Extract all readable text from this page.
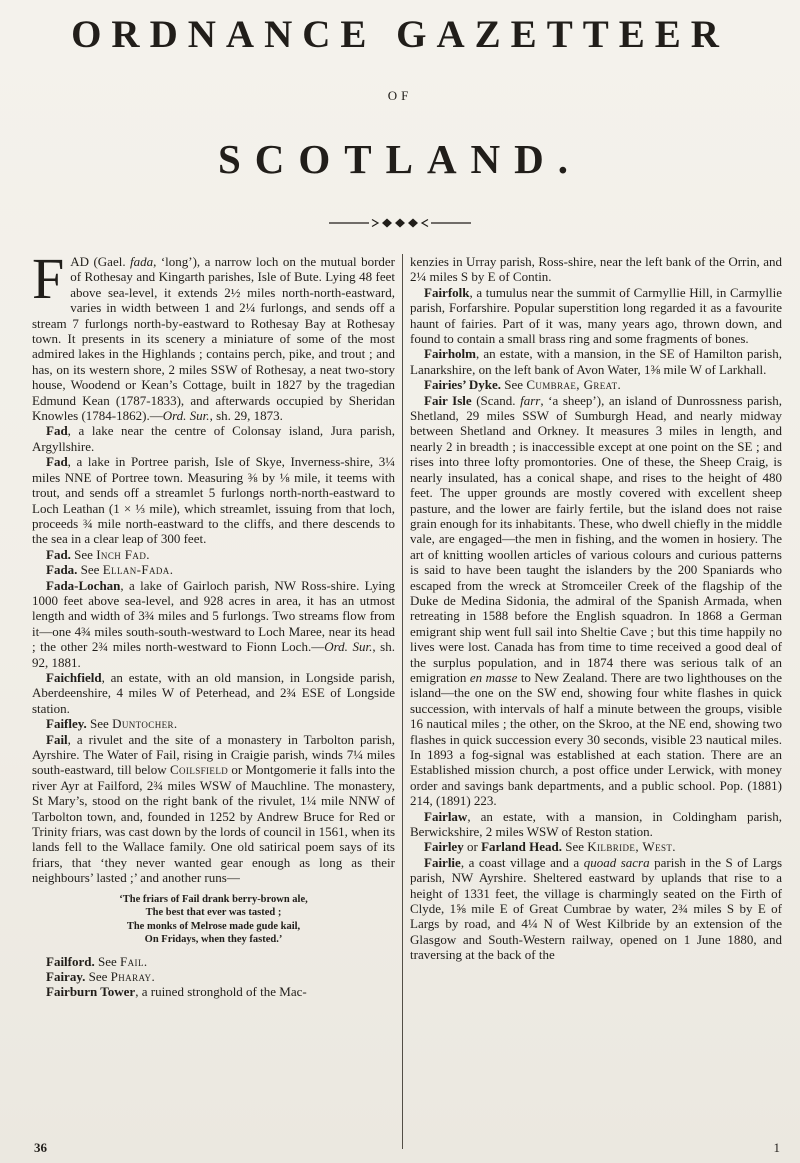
ORDNANCE GAZETTEER
OF
SCOTLAND.

FAD (Gael. fada, ‘long’), a narrow loch on the mutual border of Rothesay and Kingarth parishes, Isle of Bute. Lying 48 feet above sea-level, it extends 2½ miles north-north-eastward, varies in width between 1 and 2¼ furlongs, and sends off a stream 7 furlongs north-by-eastward to Rothesay Bay at Rothesay town. It presents in its scenery a miniature of some of the most admired lakes in the Highlands ; contains perch, pike, and trout ; and has, on its western shore, 2 miles SSW of Rothesay, a neat two-story house, Woodend or Kean’s Cottage, built in 1827 by the tragedian Edmund Kean (1787-1833), and afterwards occupied by Sheridan Knowles (1784-1862).—Ord. Sur., sh. 29, 1873.

Fad, a lake near the centre of Colonsay island, Jura parish, Argyllshire.

Fad, a lake in Portree parish, Isle of Skye, Inverness-shire, 3¼ miles NNE of Portree town. Measuring ⅜ by ⅛ mile, it teems with trout, and sends off a streamlet 5 furlongs north-north-eastward to Loch Leathan (1 × ⅓ mile), which streamlet, issuing from that loch, proceeds ¾ mile north-eastward to the cliffs, and there descends to the sea in a clear leap of 300 feet.

Fad. See Inch Fad.

Fada. See Ellan-Fada.

Fada-Lochan, a lake of Gairloch parish, NW Ross-shire. Lying 1000 feet above sea-level, and 928 acres in area, it has an utmost length and width of 3¾ miles and 5 furlongs. Two streams flow from it—one 4¾ miles south-south-westward to Loch Maree, near its head ; the other 2¾ miles north-westward to Fionn Loch.—Ord. Sur., sh. 92, 1881.

Faichfield, an estate, with an old mansion, in Longside parish, Aberdeenshire, 4 miles W of Peterhead, and 2¾ ESE of Longside station.

Faifley. See Duntocher.

Fail, a rivulet and the site of a monastery in Tarbolton parish, Ayrshire. The Water of Fail, rising in Craigie parish, winds 7¼ miles south-eastward, till below Coilsfield or Montgomerie it falls into the river Ayr at Failford, 2¾ miles WSW of Mauchline. The monastery, St Mary’s, stood on the right bank of the rivulet, 1¼ mile NNW of Tarbolton town, and, founded in 1252 by Andrew Bruce for Red or Trinity friars, was cast down by the lords of council in 1561, when its lands fell to the Wallace family. One old satirical poem says of its friars, that ‘they never wanted gear enough as long as their neighbours’ lasted ;’ and another runs—

‘The friars of Fail drank berry-brown ale,
The best that ever was tasted ;
The monks of Melrose made gude kail,
On Fridays, when they fasted.’

Failford. See Fail.

Fairay. See Pharay.

Fairburn Tower, a ruined stronghold of the Mac-

kenzies in Urray parish, Ross-shire, near the left bank of the Orrin, and 2¼ miles S by E of Contin.

Fairfolk, a tumulus near the summit of Carmyllie Hill, in Carmyllie parish, Forfarshire. Popular superstition long regarded it as a favourite haunt of fairies. Part of it was, many years ago, thrown down, and found to contain a small brass ring and some fragments of bones.

Fairholm, an estate, with a mansion, in the SE of Hamilton parish, Lanarkshire, on the left bank of Avon Water, 1⅜ mile W of Larkhall.

Fairies’ Dyke. See Cumbrae, Great.

Fair Isle (Scand. farr, ‘a sheep’), an island of Dunrossness parish, Shetland, 29 miles SSW of Sumburgh Head, and nearly midway between Shetland and Orkney. It measures 3 miles in length, and nearly 2 in breadth ; is inaccessible except at one point on the SE ; and rises into three lofty promontories. One of these, the Sheep Craig, is nearly insulated, has a conical shape, and rises to the height of 480 feet. The upper grounds are mostly covered with excellent sheep pasture, and the lower are fairly fertile, but the island does not raise grain enough for its inhabitants. These, who dwell chiefly in the middle vale, are engaged—the men in fishing, and the women in hosiery. The art of knitting woollen articles of various colours and curious patterns is said to have been taught the islanders by the 200 Spaniards who escaped from the wreck at Stromceiler Creek of the flagship of the Duke de Medina Sidonia, the admiral of the Spanish Armada, when retreating in 1588 before the English squadron. In 1868 a German emigrant ship went full sail into Sheltie Cave ; but this time happily no lives were lost. Canada has from time to time received a good deal of the surplus population, and in 1874 there was serious talk of an emigration en masse to New Zealand. There are two lighthouses on the island—the one on the SW end, showing four white flashes in quick succession, with intervals of half a minute between the groups, visible 16 nautical miles ; the other, on the Skroo, at the NE end, showing two flashes in quick succession every 30 seconds, visible 23 nautical miles. In 1893 a fog-signal was established at each station. There are an Established mission church, a post office under Lerwick, with money order and savings bank departments, and a public school. Pop. (1881) 214, (1891) 223.

Fairlaw, an estate, with a mansion, in Coldingham parish, Berwickshire, 2 miles WSW of Reston station.

Fairley or Farland Head. See Kilbride, West.

Fairlie, a coast village and a quoad sacra parish in the S of Largs parish, NW Ayrshire. Sheltered eastward by uplands that rise to a height of 1331 feet, the village is charmingly seated on the Firth of Clyde, 1⅝ mile E of Great Cumbrae by water, 2¾ miles S by E of Largs by road, and 4¼ N of West Kilbride by an extension of the Glasgow and South-Western railway, opened on 1 June 1880, and traversing at the back of the

36	1
